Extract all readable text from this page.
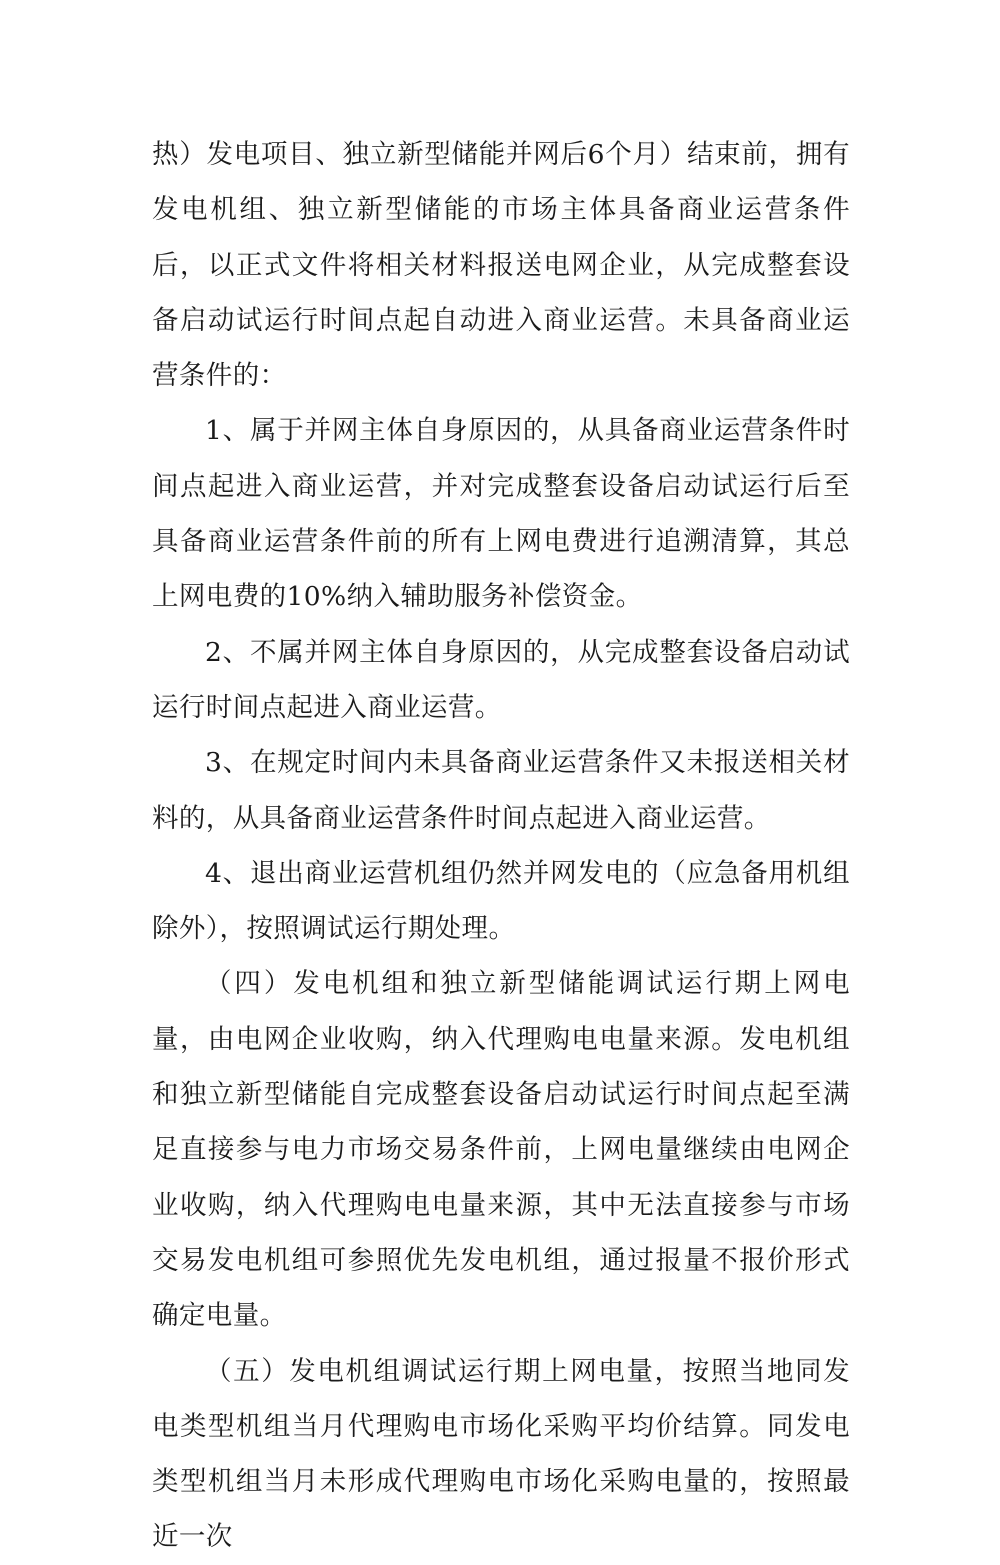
热）发电项目、独立新型储能并网后6个月）结束前，拥有发电机组、独立新型储能的市场主体具备商业运营条件后，以正式文件将相关材料报送电网企业，从完成整套设备启动试运行时间点起自动进入商业运营。未具备商业运营条件的：

1、属于并网主体自身原因的，从具备商业运营条件时间点起进入商业运营，并对完成整套设备启动试运行后至具备商业运营条件前的所有上网电费进行追溯清算，其总上网电费的10%纳入辅助服务补偿资金。

2、不属并网主体自身原因的，从完成整套设备启动试运行时间点起进入商业运营。

3、在规定时间内未具备商业运营条件又未报送相关材料的，从具备商业运营条件时间点起进入商业运营。

4、退出商业运营机组仍然并网发电的（应急备用机组除外），按照调试运行期处理。

（四）发电机组和独立新型储能调试运行期上网电量，由电网企业收购，纳入代理购电电量来源。发电机组和独立新型储能自完成整套设备启动试运行时间点起至满足直接参与电力市场交易条件前，上网电量继续由电网企业收购，纳入代理购电电量来源，其中无法直接参与市场交易发电机组可参照优先发电机组，通过报量不报价形式确定电量。

（五）发电机组调试运行期上网电量，按照当地同发电类型机组当月代理购电市场化采购平均价结算。同发电类型机组当月未形成代理购电市场化采购电量的，按照最近一次
